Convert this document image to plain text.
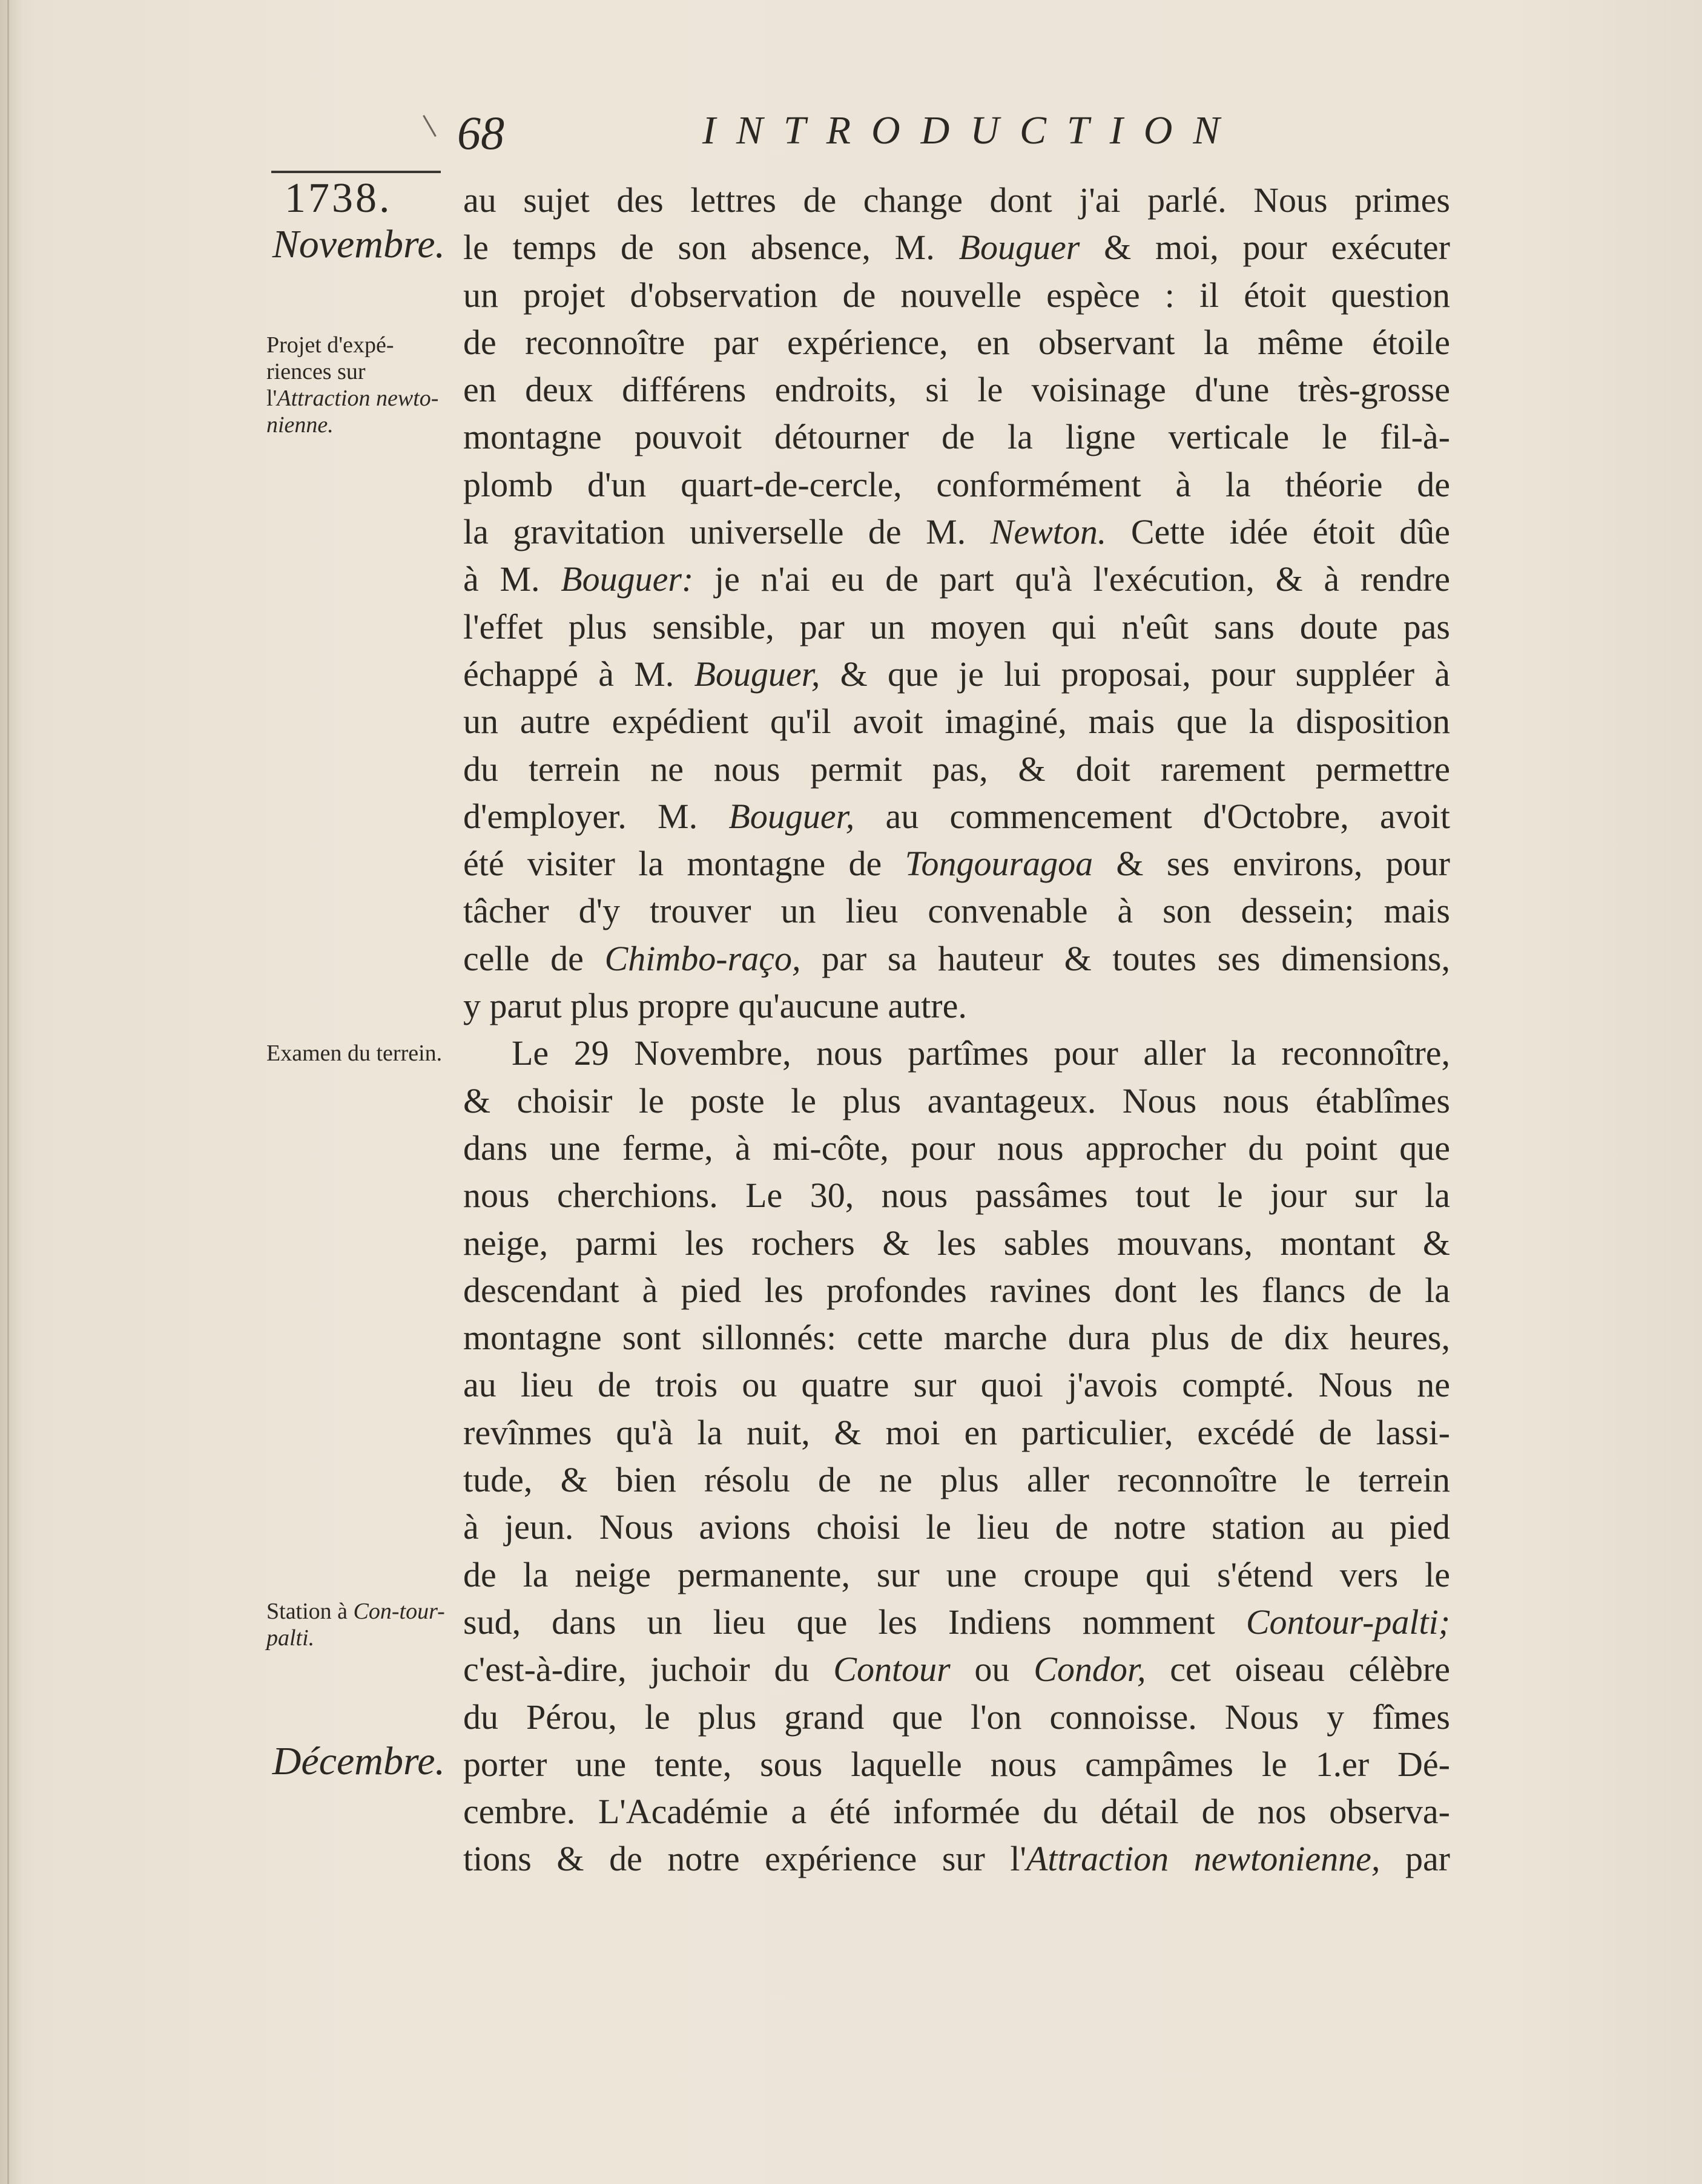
68	INTRODUCTION
1738.
Novembre.
Décembre.
Projet d'expé-riences sur l'Attraction newto-nienne.
Examen du terrein.
Station à Con-tour-palti.
au sujet des lettres de change dont j'ai parlé. Nous primes
le temps de son absence, M. Bouguer & moi, pour exécuter
un projet d'observation de nouvelle espèce : il étoit question
de reconnoître par expérience, en observant la même étoile
en deux différens endroits, si le voisinage d'une très-grosse
montagne pouvoit détourner de la ligne verticale le fil-à-
plomb d'un quart-de-cercle, conformément à la théorie de
la gravitation universelle de M. Newton. Cette idée étoit dûe
à M. Bouguer: je n'ai eu de part qu'à l'exécution, & à rendre
l'effet plus sensible, par un moyen qui n'eût sans doute pas
échappé à M. Bouguer, & que je lui proposai, pour suppléer à
un autre expédient qu'il avoit imaginé, mais que la disposition
du terrein ne nous permit pas, & doit rarement permettre
d'employer. M. Bouguer, au commencement d'Octobre, avoit
été visiter la montagne de Tongouragoa & ses environs, pour
tâcher d'y trouver un lieu convenable à son dessein; mais
celle de Chimbo-raço, par sa hauteur & toutes ses dimensions,
y parut plus propre qu'aucune autre.
Le 29 Novembre, nous partîmes pour aller la reconnoître,
& choisir le poste le plus avantageux. Nous nous établîmes
dans une ferme, à mi-côte, pour nous approcher du point que
nous cherchions. Le 30, nous passâmes tout le jour sur la
neige, parmi les rochers & les sables mouvans, montant &
descendant à pied les profondes ravines dont les flancs de la
montagne sont sillonnés: cette marche dura plus de dix heures,
au lieu de trois ou quatre sur quoi j'avois compté. Nous ne
revînmes qu'à la nuit, & moi en particulier, excédé de lassi-
tude, & bien résolu de ne plus aller reconnoître le terrein
à jeun. Nous avions choisi le lieu de notre station au pied
de la neige permanente, sur une croupe qui s'étend vers le
sud, dans un lieu que les Indiens nomment Contour-palti;
c'est-à-dire, juchoir du Contour ou Condor, cet oiseau célèbre
du Pérou, le plus grand que l'on connoisse. Nous y fîmes
porter une tente, sous laquelle nous campâmes le 1.er Dé-
cembre. L'Académie a été informée du détail de nos observa-
tions & de notre expérience sur l'Attraction newtonienne, par
